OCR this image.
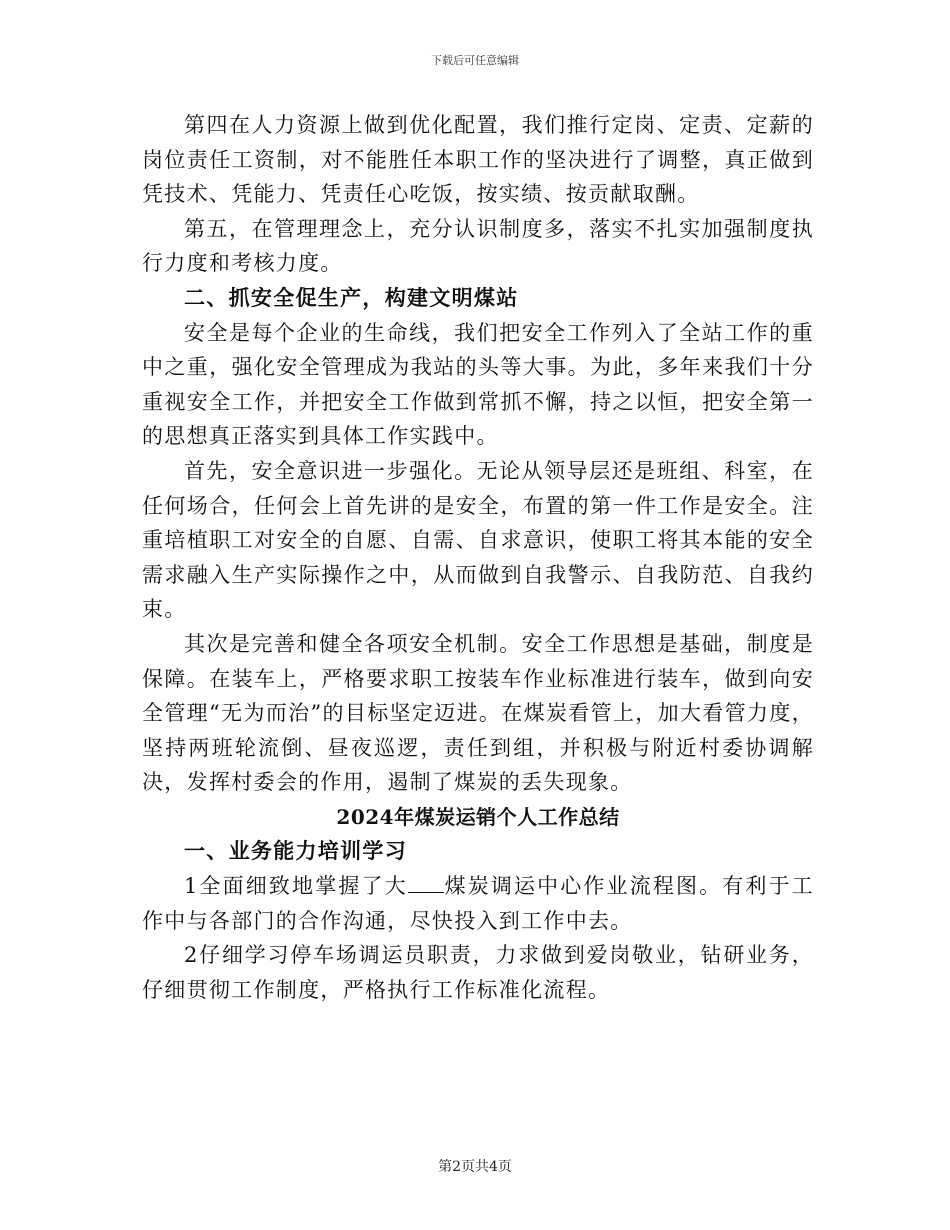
下载后可任意编辑

第四在人力资源上做到优化配置，我们推行定岗、定责、定薪的岗位责任工资制，对不能胜任本职工作的坚决进行了调整，真正做到凭技术、凭能力、凭责任心吃饭，按实绩、按贡献取酬。

第五，在管理理念上，充分认识制度多，落实不扎实加强制度执行力度和考核力度。

二、抓安全促生产，构建文明煤站

安全是每个企业的生命线，我们把安全工作列入了全站工作的重中之重，强化安全管理成为我站的头等大事。为此，多年来我们十分重视安全工作，并把安全工作做到常抓不懈，持之以恒，把安全第一的思想真正落实到具体工作实践中。

首先，安全意识进一步强化。无论从领导层还是班组、科室，在任何场合，任何会上首先讲的是安全，布置的第一件工作是安全。注重培植职工对安全的自愿、自需、自求意识，使职工将其本能的安全需求融入生产实际操作之中，从而做到自我警示、自我防范、自我约束。

其次是完善和健全各项安全机制。安全工作思想是基础，制度是保障。在装车上，严格要求职工按装车作业标准进行装车，做到向安全管理“无为而治”的目标坚定迈进。在煤炭看管上，加大看管力度，坚持两班轮流倒、昼夜巡逻，责任到组，并积极与附近村委协调解决，发挥村委会的作用，遏制了煤炭的丢失现象。

2024年煤炭运销个人工作总结

一、业务能力培训学习

1全面细致地掌握了大 煤炭调运中心作业流程图。有利于工作中与各部门的合作沟通，尽快投入到工作中去。

2仔细学习停车场调运员职责，力求做到爱岗敬业，钻研业务，仔细贯彻工作制度，严格执行工作标准化流程。

第2页共4页
